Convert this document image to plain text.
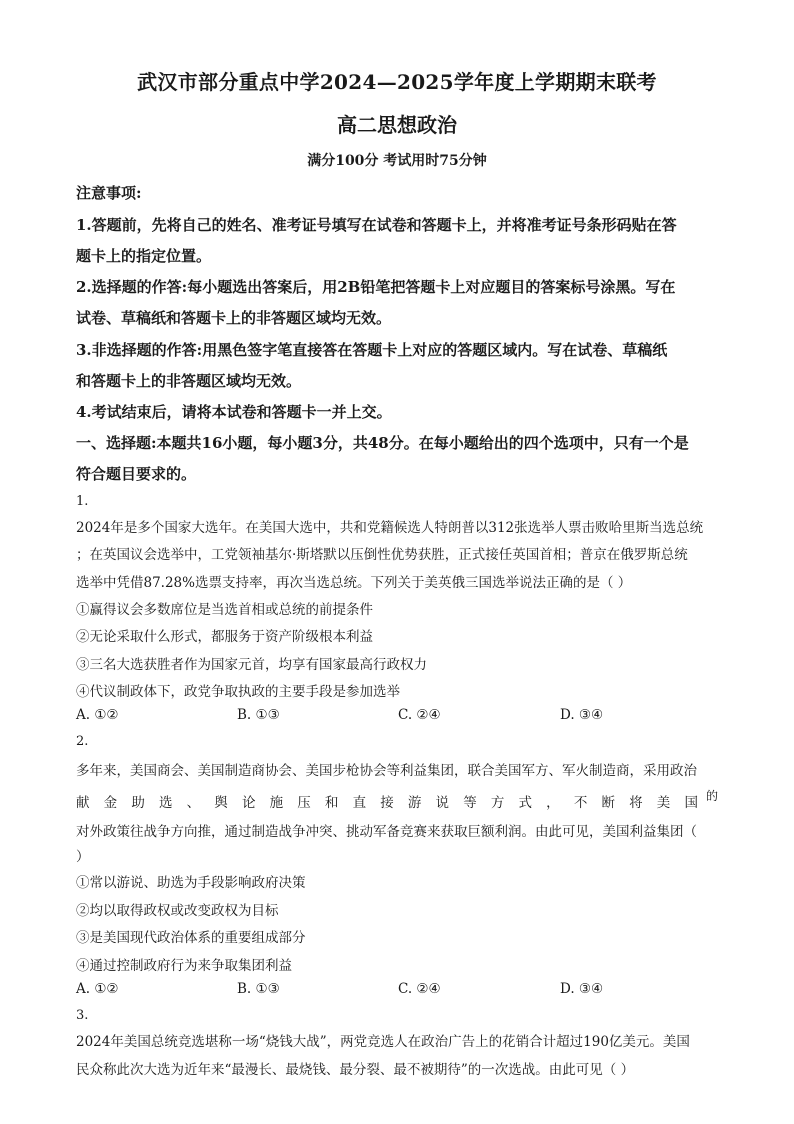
武汉市部分重点中学2024—2025学年度上学期期末联考
高二思想政治
满分100分 考试用时75分钟
注意事项:
1.答题前，先将自己的姓名、准考证号填写在试卷和答题卡上，并将准考证号条形码贴在答
题卡上的指定位置。
2.选择题的作答:每小题选出答案后，用2B铅笔把答题卡上对应题目的答案标号涂黑。写在
试卷、草稿纸和答题卡上的非答题区域均无效。
3.非选择题的作答:用黑色签字笔直接答在答题卡上对应的答题区域内。写在试卷、草稿纸
和答题卡上的非答题区域均无效。
4.考试结束后，请将本试卷和答题卡一并上交。
一、选择题:本题共16小题，每小题3分，共48分。在每小题给出的四个选项中，只有一个是
符合题目要求的。
1.
2024年是多个国家大选年。在美国大选中，共和党籍候选人特朗普以312张选举人票击败哈里斯当选总统
；在英国议会选举中，工党领袖基尔·斯塔默以压倒性优势获胜，正式接任英国首相；普京在俄罗斯总统
选举中凭借87.28%选票支持率，再次当选总统。下列关于美英俄三国选举说法正确的是（ ）
①赢得议会多数席位是当选首相或总统的前提条件
②无论采取什么形式，都服务于资产阶级根本利益
③三名大选获胜者作为国家元首，均享有国家最高行政权力
④代议制政体下，政党争取执政的主要手段是参加选举
A. ①②	B. ①③	C. ②④	D. ③④
2.
多年来，美国商会、美国制造商协会、美国步枪协会等利益集团，联合美国军方、军火制造商，采用政治
献 金 助 选 、 舆 论 施 压 和 直 接 游 说 等 方 式 ， 不 断 将 美 国 的
对外政策往战争方向推，通过制造战争冲突、挑动军备竞赛来获取巨额利润。由此可见，美国利益集团（
）
①常以游说、助选为手段影响政府决策
②均以取得政权或改变政权为目标
③是美国现代政治体系的重要组成部分
④通过控制政府行为来争取集团利益
A. ①②	B. ①③	C. ②④	D. ③④
3.
2024年美国总统竞选堪称一场“烧钱大战”，两党竞选人在政治广告上的花销合计超过190亿美元。美国
民众称此次大选为近年来“最漫长、最烧钱、最分裂、最不被期待”的一次选战。由此可见（ ）
